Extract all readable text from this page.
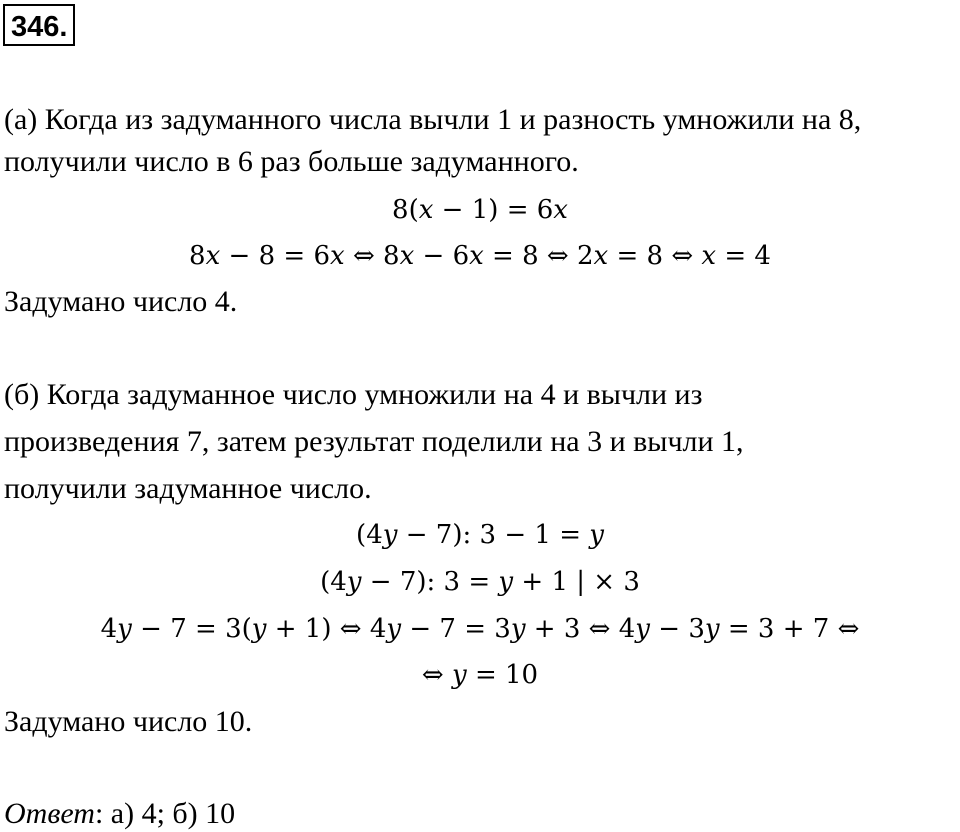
346.
(а) Когда из задуманного числа вычли 1 и разность умножили на 8,
получили число в 6 раз больше задуманного.
8(x − 1) = 6x
8x − 8 = 6x ⇔ 8x − 6x = 8 ⇔ 2x = 8 ⇔ x = 4
Задумано число 4.
(б) Когда задуманное число умножили на 4 и вычли из
произведения 7, затем результат поделили на 3 и вычли 1,
получили задуманное число.
(4y − 7): 3 − 1 = y
(4y − 7): 3 = y + 1 | × 3
4y − 7 = 3(y + 1) ⇔ 4y − 7 = 3y + 3 ⇔ 4y − 3y = 3 + 7 ⇔
⇔ y = 10
Задумано число 10.
Ответ: а) 4; б) 10
